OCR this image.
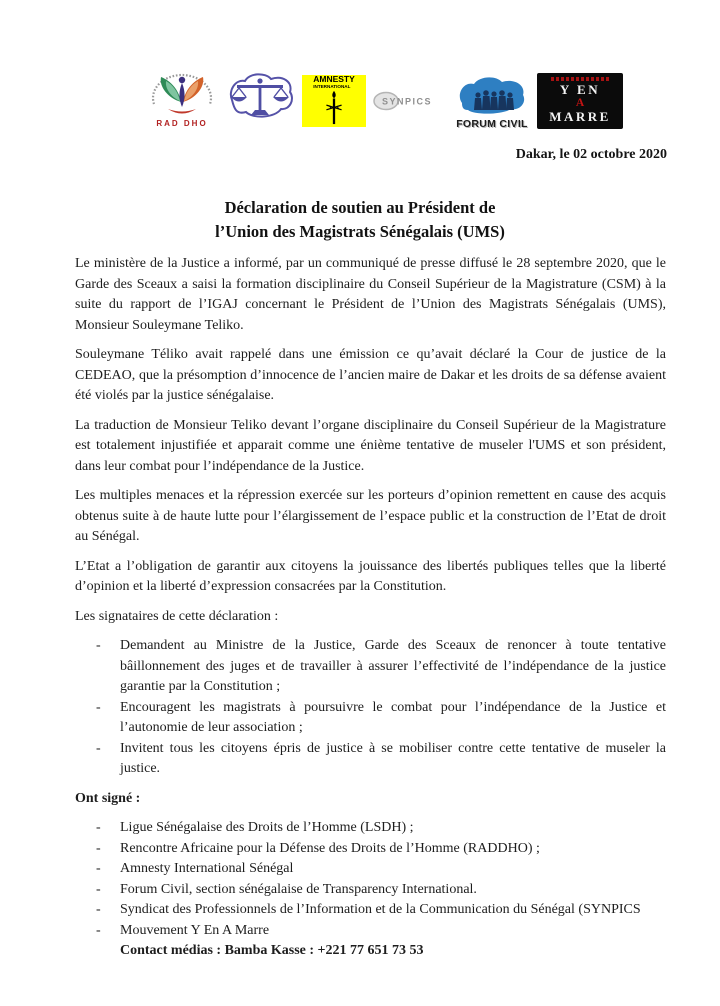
RAD DHO
AMNESTY
INTERNATIONAL
SYNPICS
FORUM CIVIL
Y EN
A
MARRE
Dakar, le 02 octobre 2020
Déclaration de soutien au Président de
l’Union des Magistrats Sénégalais (UMS)

Le ministère de la Justice a informé, par un communiqué de presse diffusé le 28 septembre 2020, que le Garde des Sceaux a saisi la formation disciplinaire du Conseil Supérieur de la Magistrature (CSM) à la suite du rapport de l’IGAJ concernant le Président de l’Union des Magistrats Sénégalais (UMS), Monsieur Souleymane Teliko.

Souleymane Téliko avait rappelé dans une émission ce qu’avait déclaré la Cour de justice de la CEDEAO, que la présomption d’innocence de l’ancien maire de Dakar et les droits de sa défense avaient été violés par la justice sénégalaise.

La traduction de Monsieur Teliko devant l’organe disciplinaire du Conseil Supérieur de la Magistrature est totalement injustifiée et apparait comme une énième tentative de museler l'UMS et son président, dans leur combat pour l’indépendance de la Justice.

Les multiples menaces et la répression exercée sur les porteurs d’opinion remettent en cause des acquis obtenus suite à de haute lutte pour l’élargissement de l’espace public et la construction de l’Etat de droit au Sénégal.

L’Etat a l’obligation de garantir aux citoyens la jouissance des libertés publiques telles que la liberté d’opinion et la liberté d’expression consacrées par la Constitution.

Les signataires de cette déclaration :

-	Demandent au Ministre de la Justice, Garde des Sceaux de renoncer à toute tentative bâillonnement des juges et de travailler à assurer l’effectivité de l’indépendance de la justice garantie par la Constitution ;
-	Encouragent les magistrats à poursuivre le combat pour l’indépendance de la Justice et l’autonomie de leur association ;
-	Invitent tous les citoyens épris de justice à se mobiliser contre cette tentative de museler la justice.

Ont signé :

-	Ligue Sénégalaise des Droits de l’Homme (LSDH) ;
-	Rencontre Africaine pour la Défense des Droits de l’Homme (RADDHO) ;
-	Amnesty International Sénégal
-	Forum Civil, section sénégalaise de Transparency International.
-	Syndicat des Professionnels de l’Information et de la Communication du Sénégal (SYNPICS
-	Mouvement Y En A Marre
Contact médias : Bamba Kasse : +221 77 651 73 53
